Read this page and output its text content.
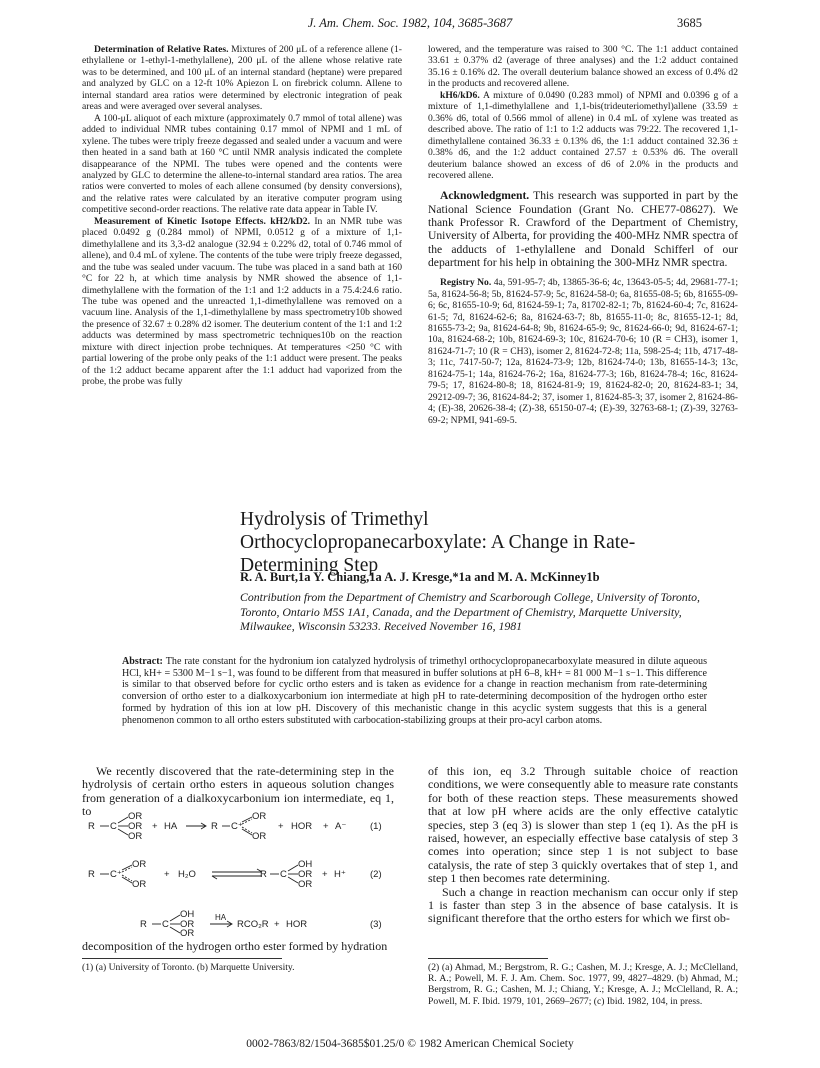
J. Am. Chem. Soc. 1982, 104, 3685-3687	3685

Determination of Relative Rates. Mixtures of 200 μL of a reference allene (1-ethylallene or 1-ethyl-1-methylallene), 200 μL of the allene whose relative rate was to be determined, and 100 μL of an internal standard (heptane) were prepared and analyzed by GLC on a 12-ft 10% Apiezon L on firebrick column. Allene to internal standard area ratios were determined by electronic integration of peak areas and were averaged over several analyses.

A 100-μL aliquot of each mixture (approximately 0.7 mmol of total allene) was added to individual NMR tubes containing 0.17 mmol of NPMI and 1 mL of xylene. The tubes were triply freeze degassed and sealed under a vacuum and were then heated in a sand bath at 160 °C until NMR analysis indicated the complete disappearance of the NPMI. The tubes were opened and the contents were analyzed by GLC to determine the allene-to-internal standard area ratios. The area ratios were converted to moles of each allene consumed (by density conversions), and the relative rates were calculated by an iterative computer program using competitive second-order reactions. The relative rate data appear in Table IV.

Measurement of Kinetic Isotope Effects. kH2/kD2. In an NMR tube was placed 0.0492 g (0.284 mmol) of NPMI, 0.0512 g of a mixture of 1,1-dimethylallene and its 3,3-d2 analogue (32.94 ± 0.22% d2, total of 0.746 mmol of allene), and 0.4 mL of xylene. The contents of the tube were triply freeze degassed, and the tube was sealed under vacuum. The tube was placed in a sand bath at 160 °C for 22 h, at which time analysis by NMR showed the absence of 1,1-dimethylallene with the formation of the 1:1 and 1:2 adducts in a 75.4:24.6 ratio. The tube was opened and the unreacted 1,1-dimethylallene was removed on a vacuum line. Analysis of the 1,1-dimethylallene by mass spectrometry10b showed the presence of 32.67 ± 0.28% d2 isomer. The deuterium content of the 1:1 and 1:2 adducts was determined by mass spectrometric techniques10b on the reaction mixture with direct injection probe techniques. At temperatures <250 °C with partial lowering of the probe only peaks of the 1:1 adduct were present. The peaks of the 1:2 adduct became apparent after the 1:1 adduct had vaporized from the probe, the probe was fully

lowered, and the temperature was raised to 300 °C. The 1:1 adduct contained 33.61 ± 0.37% d2 (average of three analyses) and the 1:2 adduct contained 35.16 ± 0.16% d2. The overall deuterium balance showed an excess of 0.4% d2 in the products and recovered allene.

kH6/kD6. A mixture of 0.0490 (0.283 mmol) of NPMI and 0.0396 g of a mixture of 1,1-dimethylallene and 1,1-bis(trideuteriomethyl)allene (33.59 ± 0.36% d6, total of 0.566 mmol of allene) in 0.4 mL of xylene was treated as described above. The ratio of 1:1 to 1:2 adducts was 79:22. The recovered 1,1-dimethylallene contained 36.33 ± 0.13% d6, the 1:1 adduct contained 32.36 ± 0.38% d6, and the 1:2 adduct contained 27.57 ± 0.53% d6. The overall deuterium balance showed an excess of d6 of 2.0% in the products and recovered allene.

Acknowledgment. This research was supported in part by the National Science Foundation (Grant No. CHE77-08627). We thank Professor R. Crawford of the Department of Chemistry, University of Alberta, for providing the 400-MHz NMR spectra of the adducts of 1-ethylallene and Donald Schifferl of our department for his help in obtaining the 300-MHz NMR spectra.

Registry No. 4a, 591-95-7; 4b, 13865-36-6; 4c, 13643-05-5; 4d, 29681-77-1; 5a, 81624-56-8; 5b, 81624-57-9; 5c, 81624-58-0; 6a, 81655-08-5; 6b, 81655-09-6; 6c, 81655-10-9; 6d, 81624-59-1; 7a, 81702-82-1; 7b, 81624-60-4; 7c, 81624-61-5; 7d, 81624-62-6; 8a, 81624-63-7; 8b, 81655-11-0; 8c, 81655-12-1; 8d, 81655-73-2; 9a, 81624-64-8; 9b, 81624-65-9; 9c, 81624-66-0; 9d, 81624-67-1; 10a, 81624-68-2; 10b, 81624-69-3; 10c, 81624-70-6; 10 (R = CH3), isomer 1, 81624-71-7; 10 (R = CH3), isomer 2, 81624-72-8; 11a, 598-25-4; 11b, 4717-48-3; 11c, 7417-50-7; 12a, 81624-73-9; 12b, 81624-74-0; 13b, 81655-14-3; 13c, 81624-75-1; 14a, 81624-76-2; 16a, 81624-77-3; 16b, 81624-78-4; 16c, 81624-79-5; 17, 81624-80-8; 18, 81624-81-9; 19, 81624-82-0; 20, 81624-83-1; 34, 29212-09-7; 36, 81624-84-2; 37, isomer 1, 81624-85-3; 37, isomer 2, 81624-86-4; (E)-38, 20626-38-4; (Z)-38, 65150-07-4; (E)-39, 32763-68-1; (Z)-39, 32763-69-2; NPMI, 941-69-5.

Hydrolysis of Trimethyl Orthocyclopropanecarboxylate: A Change in Rate-Determining Step
R. A. Burt,1a Y. Chiang,1a A. J. Kresge,*1a and M. A. McKinney1b
Contribution from the Department of Chemistry and Scarborough College, University of Toronto, Toronto, Ontario M5S 1A1, Canada, and the Department of Chemistry, Marquette University, Milwaukee, Wisconsin 53233. Received November 16, 1981
Abstract: The rate constant for the hydronium ion catalyzed hydrolysis of trimethyl orthocyclopropanecarboxylate measured in dilute aqueous HCl, kH+ = 5300 M−1 s−1, was found to be different from that measured in buffer solutions at pH 6–8, kH+ = 81 000 M−1 s−1. This difference is similar to that observed before for cyclic ortho esters and is taken as evidence for a change in reaction mechanism from rate-determining conversion of ortho ester to a dialkoxycarbonium ion intermediate at high pH to rate-determining decomposition of the hydrogen ortho ester formed by hydration of this ion at low pH. Discovery of this mechanistic change in this acyclic system suggests that this is a general phenomenon common to all ortho esters substituted with carbocation-stabilizing groups at their pro-acyl carbon atoms.

We recently discovered that the rate-determining step in the hydrolysis of certain ortho esters in aqueous solution changes from generation of a dialkoxycarbonium ion intermediate, eq 1, to

R C
OR
OR
OR
+ HA	R C⁺
OR
OR
+ HOR + A⁻ (1)
R C⁺
OR
OR
+ H₂O	R C
OH
OR
OR
+ H⁺	(2)
R C
OH
OR
OR
HA
RCO₂R + HOR	(3)

decomposition of the hydrogen ortho ester formed by hydration

(1) (a) University of Toronto. (b) Marquette University.

of this ion, eq 3.2 Through suitable choice of reaction conditions, we were consequently able to measure rate constants for both of these reaction steps. These measurements showed that at low pH where acids are the only effective catalytic species, step 3 (eq 3) is slower than step 1 (eq 1). As the pH is raised, however, an especially effective base catalysis of step 3 comes into operation; since step 1 is not subject to base catalysis, the rate of step 3 quickly overtakes that of step 1, and step 1 then becomes rate determining.

Such a change in reaction mechanism can occur only if step 1 is faster than step 3 in the absence of base catalysis. It is significant therefore that the ortho esters for which we first ob-

(2) (a) Ahmad, M.; Bergstrom, R. G.; Cashen, M. J.; Kresge, A. J.; McClelland, R. A.; Powell, M. F. J. Am. Chem. Soc. 1977, 99, 4827–4829. (b) Ahmad, M.; Bergstrom, R. G.; Cashen, M. J.; Chiang, Y.; Kresge, A. J.; McClelland, R. A.; Powell, M. F. Ibid. 1979, 101, 2669–2677; (c) Ibid. 1982, 104, in press.
0002-7863/82/1504-3685$01.25/0 © 1982 American Chemical Society
